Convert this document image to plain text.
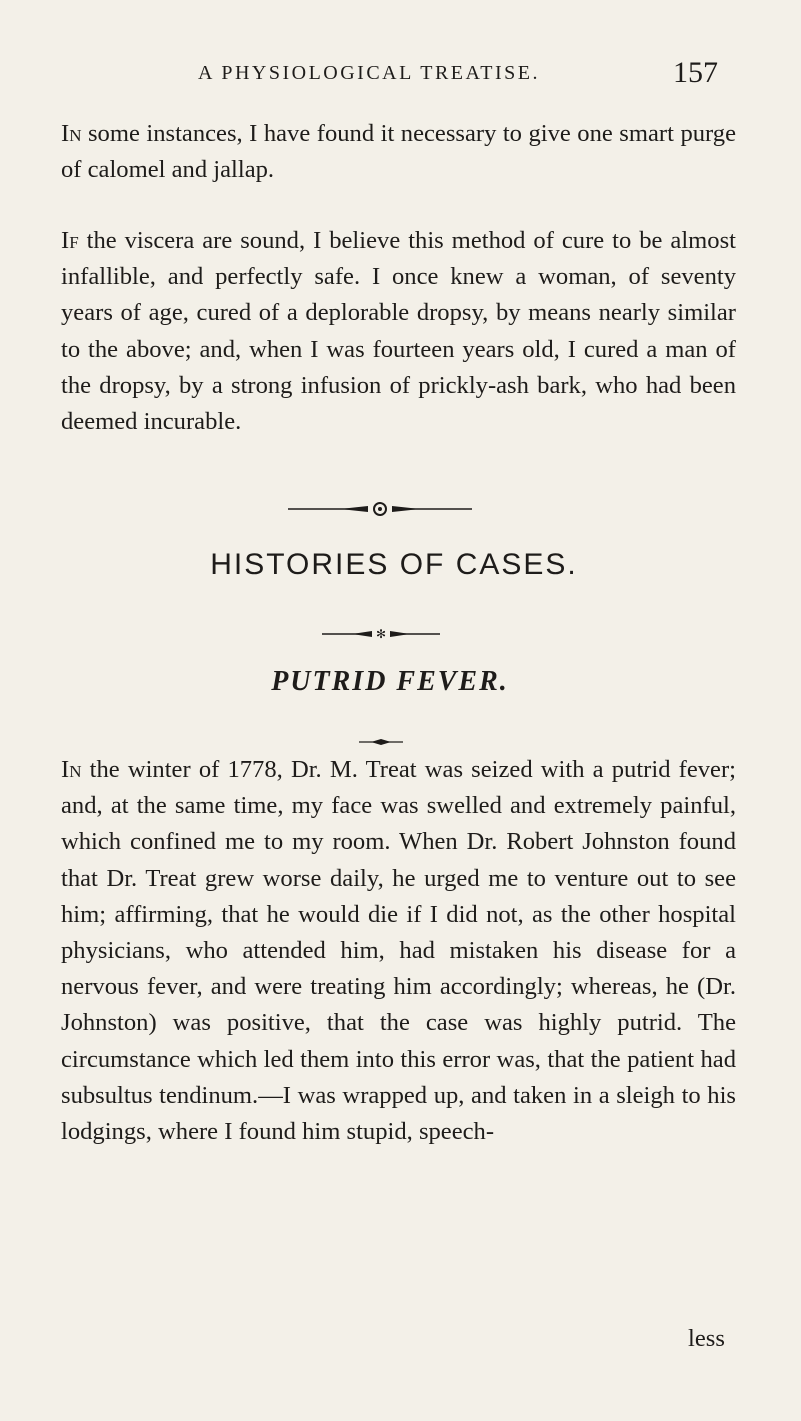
A PHYSIOLOGICAL TREATISE.	157
In some instances, I have found it necessary to give one smart purge of calomel and jallap.
If the viscera are sound, I believe this method of cure to be almost infallible, and perfectly safe. I once knew a woman, of seventy years of age, cured of a deplorable dropsy, by means nearly similar to the above; and, when I was fourteen years old, I cured a man of the dropsy, by a strong infusion of prickly-ash bark, who had been deemed incurable.
HISTORIES OF CASES.
✻
PUTRID FEVER.
In the winter of 1778, Dr. M. Treat was seized with a putrid fever; and, at the same time, my face was swelled and extremely painful, which confined me to my room. When Dr. Robert Johnston found that Dr. Treat grew worse daily, he urged me to venture out to see him; affirming, that he would die if I did not, as the other hospital physicians, who attended him, had mistaken his disease for a nervous fever, and were treating him accordingly; whereas, he (Dr. Johnston) was positive, that the case was highly putrid. The circumstance which led them into this error was, that the patient had subsultus tendinum.—I was wrapped up, and taken in a sleigh to his lodgings, where I found him stupid, speech-
less
